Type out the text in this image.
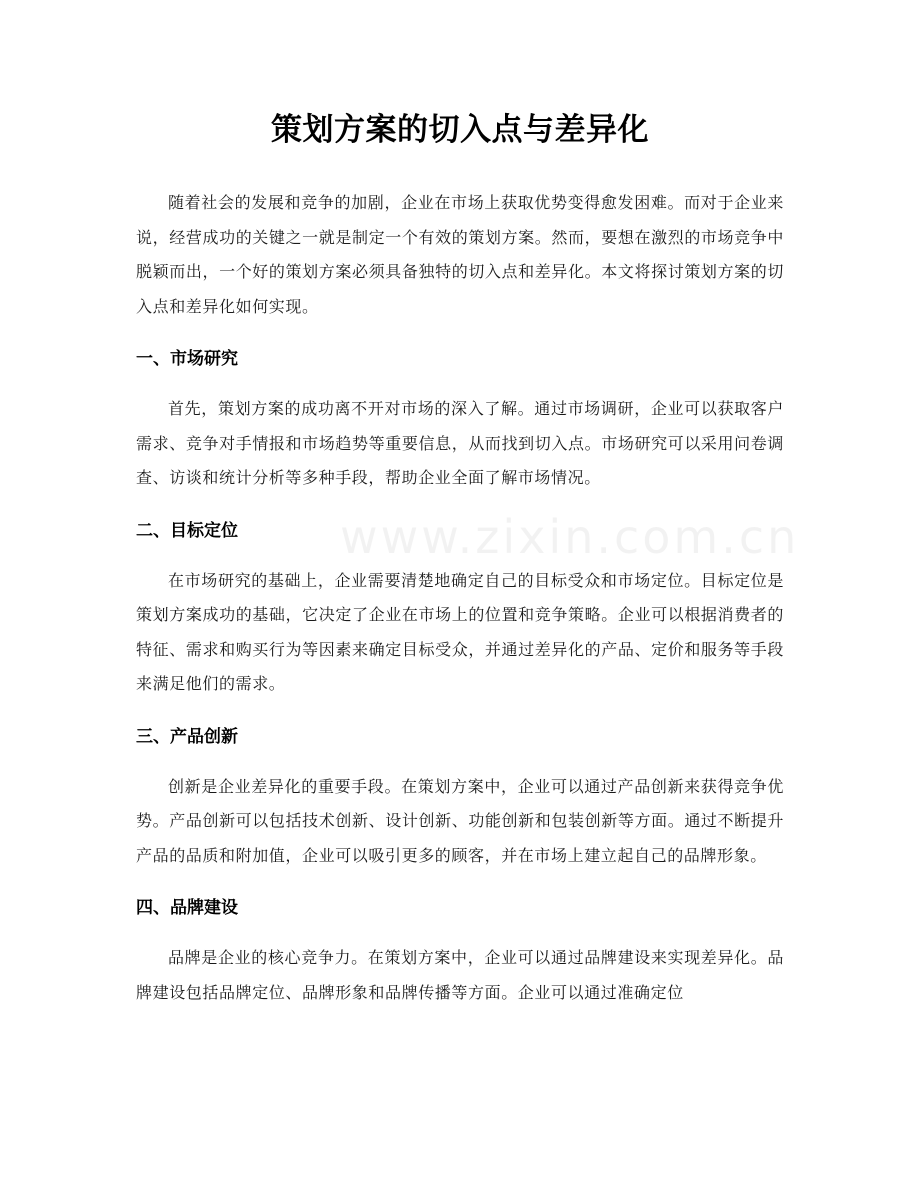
www.zixin.com.cn
策划方案的切入点与差异化

随着社会的发展和竞争的加剧，企业在市场上获取优势变得愈发困难。而对于企业来说，经营成功的关键之一就是制定一个有效的策划方案。然而，要想在激烈的市场竞争中脱颖而出，一个好的策划方案必须具备独特的切入点和差异化。本文将探讨策划方案的切入点和差异化如何实现。

一、市场研究

首先，策划方案的成功离不开对市场的深入了解。通过市场调研，企业可以获取客户需求、竞争对手情报和市场趋势等重要信息，从而找到切入点。市场研究可以采用问卷调查、访谈和统计分析等多种手段，帮助企业全面了解市场情况。

二、目标定位

在市场研究的基础上，企业需要清楚地确定自己的目标受众和市场定位。目标定位是策划方案成功的基础，它决定了企业在市场上的位置和竞争策略。企业可以根据消费者的特征、需求和购买行为等因素来确定目标受众，并通过差异化的产品、定价和服务等手段来满足他们的需求。

三、产品创新

创新是企业差异化的重要手段。在策划方案中，企业可以通过产品创新来获得竞争优势。产品创新可以包括技术创新、设计创新、功能创新和包装创新等方面。通过不断提升产品的品质和附加值，企业可以吸引更多的顾客，并在市场上建立起自己的品牌形象。

四、品牌建设

品牌是企业的核心竞争力。在策划方案中，企业可以通过品牌建设来实现差异化。品牌建设包括品牌定位、品牌形象和品牌传播等方面。企业可以通过准确定位
